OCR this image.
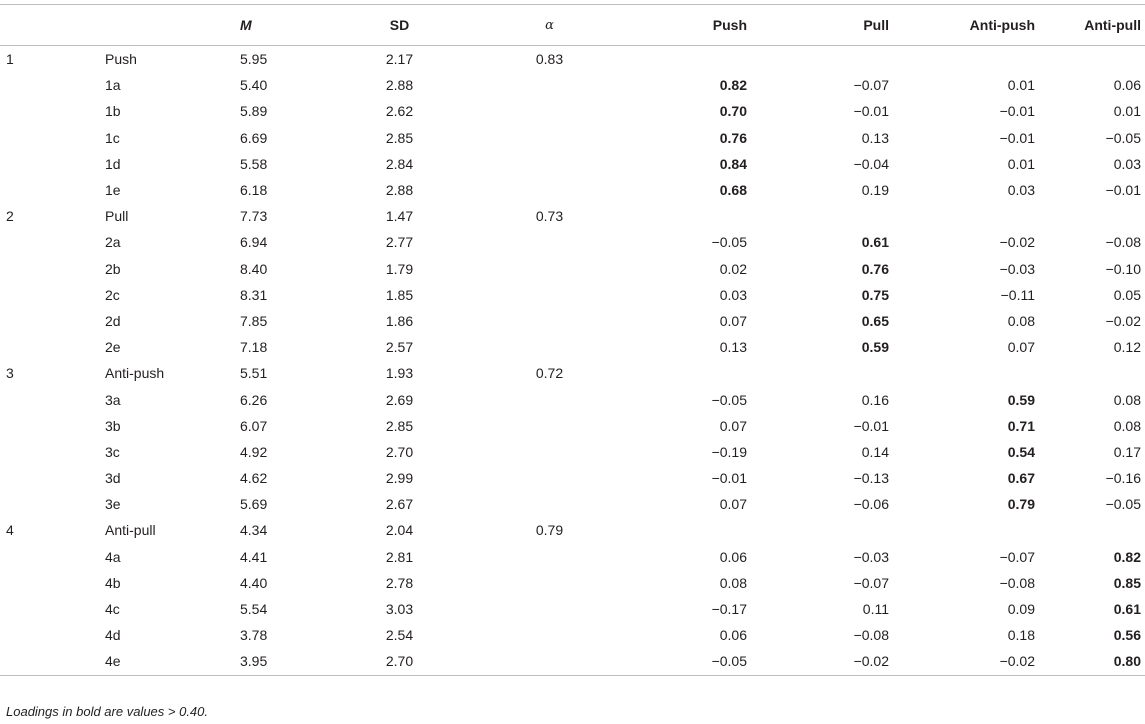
		M	SD	α	Push	Pull	Anti-push	Anti-pull
1	Push	5.95	2.17	0.83				
	1a	5.40	2.88		0.82	−0.07	0.01	0.06
	1b	5.89	2.62		0.70	−0.01	−0.01	0.01
	1c	6.69	2.85		0.76	0.13	−0.01	−0.05
	1d	5.58	2.84		0.84	−0.04	0.01	0.03
	1e	6.18	2.88		0.68	0.19	0.03	−0.01
2	Pull	7.73	1.47	0.73				
	2a	6.94	2.77		−0.05	0.61	−0.02	−0.08
	2b	8.40	1.79		0.02	0.76	−0.03	−0.10
	2c	8.31	1.85		0.03	0.75	−0.11	0.05
	2d	7.85	1.86		0.07	0.65	0.08	−0.02
	2e	7.18	2.57		0.13	0.59	0.07	0.12
3	Anti-push	5.51	1.93	0.72				
	3a	6.26	2.69		−0.05	0.16	0.59	0.08
	3b	6.07	2.85		0.07	−0.01	0.71	0.08
	3c	4.92	2.70		−0.19	0.14	0.54	0.17
	3d	4.62	2.99		−0.01	−0.13	0.67	−0.16
	3e	5.69	2.67		0.07	−0.06	0.79	−0.05
4	Anti-pull	4.34	2.04	0.79				
	4a	4.41	2.81		0.06	−0.03	−0.07	0.82
	4b	4.40	2.78		0.08	−0.07	−0.08	0.85
	4c	5.54	3.03		−0.17	0.11	0.09	0.61
	4d	3.78	2.54		0.06	−0.08	0.18	0.56
	4e	3.95	2.70		−0.05	−0.02	−0.02	0.80
Loadings in bold are values > 0.40.
